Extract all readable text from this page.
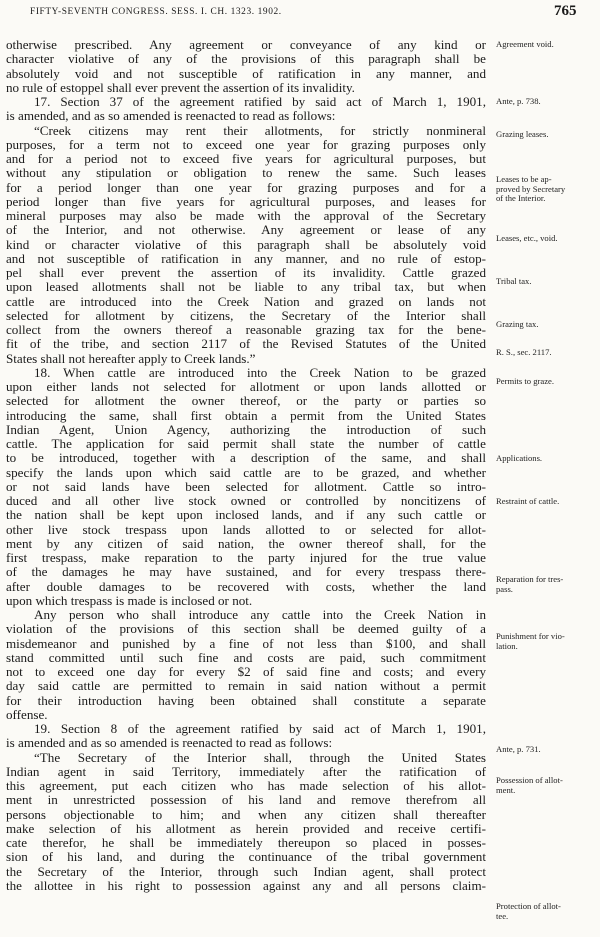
FIFTY-SEVENTH CONGRESS. SESS. I. CH. 1323. 1902.	765
otherwise prescribed. Any agreement or conveyance of any kind or
character violative of any of the provisions of this paragraph shall be
absolutely void and not susceptible of ratification in any manner, and
no rule of estoppel shall ever prevent the assertion of its invalidity.
17. Section 37 of the agreement ratified by said act of March 1, 1901,
is amended, and as so amended is reenacted to read as follows:
“Creek citizens may rent their allotments, for strictly nonmineral
purposes, for a term not to exceed one year for grazing purposes only
and for a period not to exceed five years for agricultural purposes, but
without any stipulation or obligation to renew the same. Such leases
for a period longer than one year for grazing purposes and for a
period longer than five years for agricultural purposes, and leases for
mineral purposes may also be made with the approval of the Secretary
of the Interior, and not otherwise. Any agreement or lease of any
kind or character violative of this paragraph shall be absolutely void
and not susceptible of ratification in any manner, and no rule of estop-
pel shall ever prevent the assertion of its invalidity. Cattle grazed
upon leased allotments shall not be liable to any tribal tax, but when
cattle are introduced into the Creek Nation and grazed on lands not
selected for allotment by citizens, the Secretary of the Interior shall
collect from the owners thereof a reasonable grazing tax for the bene-
fit of the tribe, and section 2117 of the Revised Statutes of the United
States shall not hereafter apply to Creek lands.”
18. When cattle are introduced into the Creek Nation to be grazed
upon either lands not selected for allotment or upon lands allotted or
selected for allotment the owner thereof, or the party or parties so
introducing the same, shall first obtain a permit from the United States
Indian Agent, Union Agency, authorizing the introduction of such
cattle. The application for said permit shall state the number of cattle
to be introduced, together with a description of the same, and shall
specify the lands upon which said cattle are to be grazed, and whether
or not said lands have been selected for allotment. Cattle so intro-
duced and all other live stock owned or controlled by noncitizens of
the nation shall be kept upon inclosed lands, and if any such cattle or
other live stock trespass upon lands allotted to or selected for allot-
ment by any citizen of said nation, the owner thereof shall, for the
first trespass, make reparation to the party injured for the true value
of the damages he may have sustained, and for every trespass there-
after double damages to be recovered with costs, whether the land
upon which trespass is made is inclosed or not.
Any person who shall introduce any cattle into the Creek Nation in
violation of the provisions of this section shall be deemed guilty of a
misdemeanor and punished by a fine of not less than $100, and shall
stand committed until such fine and costs are paid, such commitment
not to exceed one day for every $2 of said fine and costs; and every
day said cattle are permitted to remain in said nation without a permit
for their introduction having been obtained shall constitute a separate
offense.
19. Section 8 of the agreement ratified by said act of March 1, 1901,
is amended and as so amended is reenacted to read as follows:
“The Secretary of the Interior shall, through the United States
Indian agent in said Territory, immediately after the ratification of
this agreement, put each citizen who has made selection of his allot-
ment in unrestricted possession of his land and remove therefrom all
persons objectionable to him; and when any citizen shall thereafter
make selection of his allotment as herein provided and receive certifi-
cate therefor, he shall be immediately thereupon so placed in posses-
sion of his land, and during the continuance of the tribal government
the Secretary of the Interior, through such Indian agent, shall protect
the allottee in his right to possession against any and all persons claim-
Agreement void.
Ante, p. 738.
Grazing leases.
Leases to be ap-
proved by Secretary
of the Interior.
Leases, etc., void.
Tribal tax.
Grazing tax.
R. S., sec. 2117.
Permits to graze.
Applications.
Restraint of cattle.
Reparation for tres-
pass.
Punishment for vio-
lation.
Ante, p. 731.
Possession of allot-
ment.
Protection of allot-
tee.
